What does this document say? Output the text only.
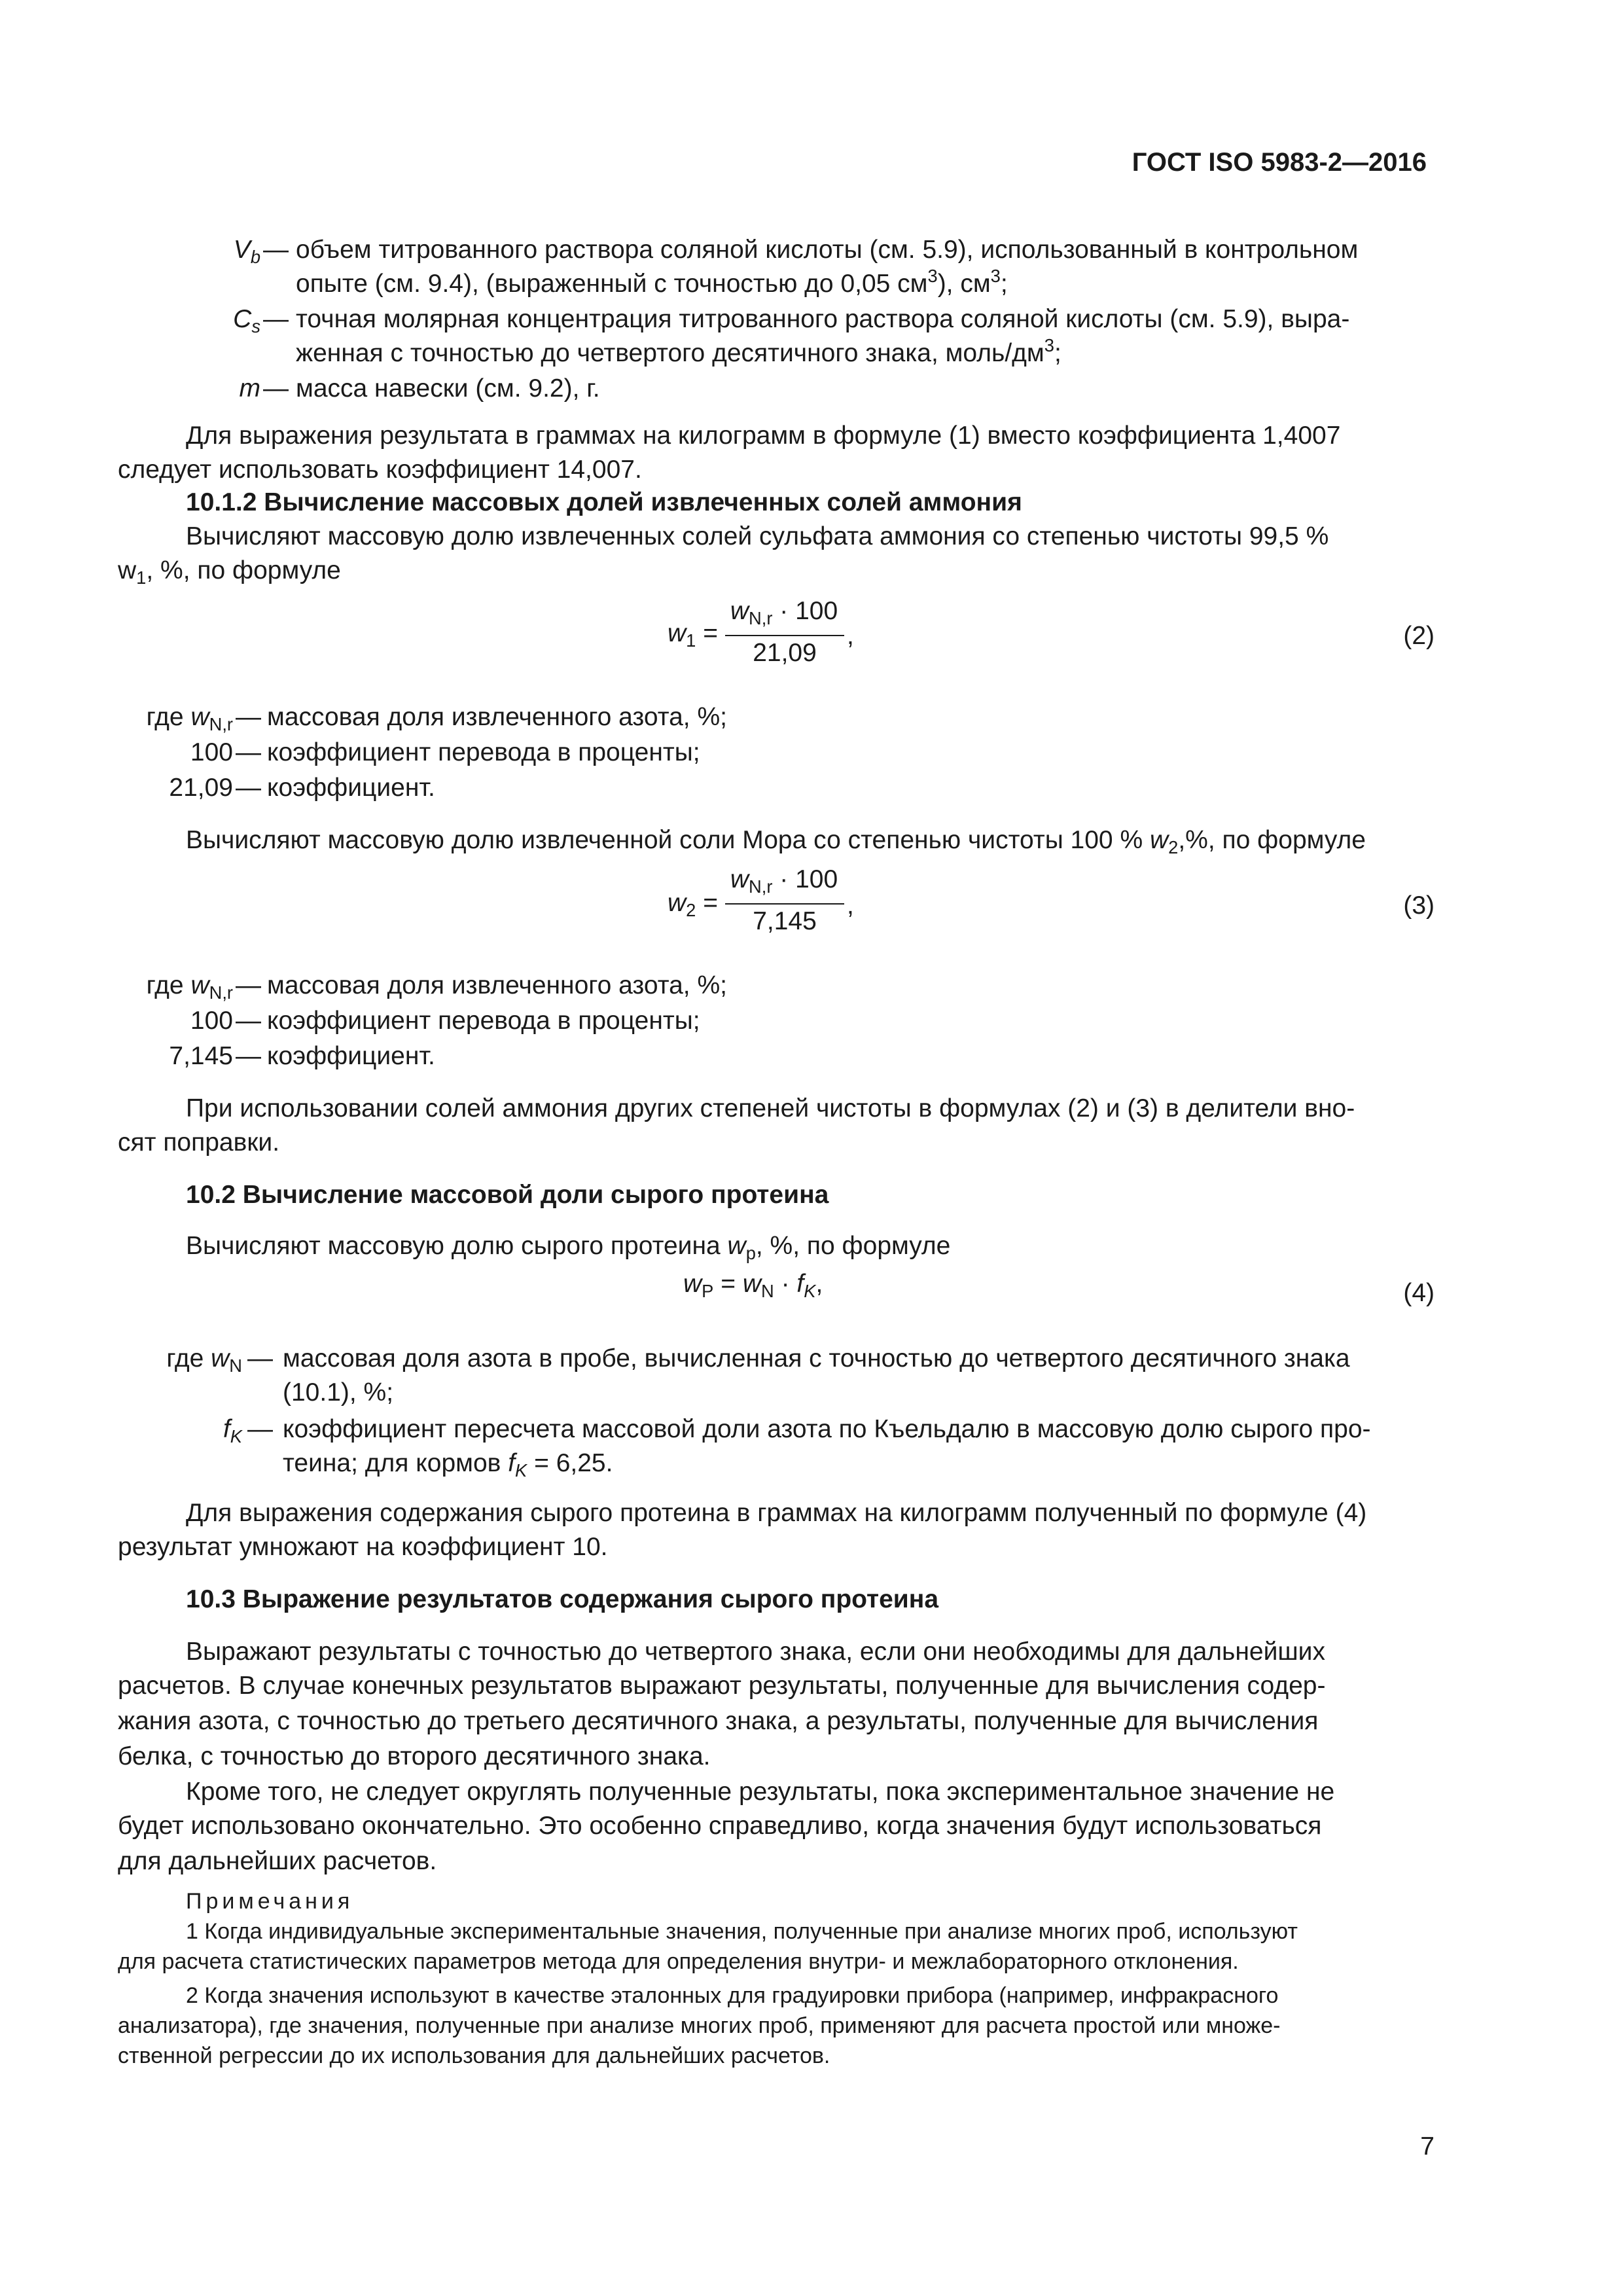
ГОСТ ISO 5983-2—2016
$V_b$ — объем титрованного раствора соляной кислоты (см. 5.9), использованный в контрольном
опыте (см. 9.4), (выраженный с точностью до 0,05 $см^3$), $см^3$;
$C_s$ — точная молярная концентрация титрованного раствора соляной кислоты (см. 5.9), выра-
женная с точностью до четвертого десятичного знака, моль/$дм^3$;
m — масса навески (см. 9.2), г.
Для выражения результата в граммах на килограмм в формуле (1) вместо коэффициента 1,4007
следует использовать коэффициент 14,007.
10.1.2 Вычисление массовых долей извлеченных солей аммония
Вычисляют массовую долю извлеченных солей сульфата аммония со степенью чистоты 99,5 %
$w_1$, %, по формуле
$w_1$ =
$w_{N,r} \cdot 100$
21,09
,	(2)
где $w_{N,r}$ — массовая доля извлеченного азота, %;
100 — коэффициент перевода в проценты;
21,09 — коэффициент.
Вычисляют массовую долю извлеченной соли Мора со степенью чистоты 100 % $w_2,\%$, по формуле
$w_2$ =
$w_{N,r} \cdot 100$
7,145
,	(3)
где $w_{N,r}$ — массовая доля извлеченного азота, %;
100 — коэффициент перевода в проценты;
7,145 — коэффициент.
При использовании солей аммония других степеней чистоты в формулах (2) и (3) в делители вно-
сят поправки.
10.2 Вычисление массовой доли сырого протеина
Вычисляют массовую долю сырого протеина $w_p$, %, по формуле
$w_P = w_N \cdot f_K$,	(4)
где $w_N$ — массовая доля азота в пробе, вычисленная с точностью до четвертого десятичного знака
(10.1), %;
$f_K$ — коэффициент пересчета массовой доли азота по Къельдалю в массовую долю сырого про-
теина; для кормов $f_K = 6,25$.
Для выражения содержания сырого протеина в граммах на килограмм полученный по формуле (4)
результат умножают на коэффициент 10.
10.3 Выражение результатов содержания сырого протеина
Выражают результаты с точностью до четвертого знака, если они необходимы для дальнейших
расчетов. В случае конечных результатов выражают результаты, полученные для вычисления содер-
жания азота, с точностью до третьего десятичного знака, а результаты, полученные для вычисления
белка, с точностью до второго десятичного знака.
Кроме того, не следует округлять полученные результаты, пока экспериментальное значение не
будет использовано окончательно. Это особенно справедливо, когда значения будут использоваться
для дальнейших расчетов.
Примечания
1 Когда индивидуальные экспериментальные значения, полученные при анализе многих проб, используют
для расчета статистических параметров метода для определения внутри- и межлабораторного отклонения.
2 Когда значения используют в качестве эталонных для градуировки прибора (например, инфракрасного
анализатора), где значения, полученные при анализе многих проб, применяют для расчета простой или множе-
ственной регрессии до их использования для дальнейших расчетов.
7
